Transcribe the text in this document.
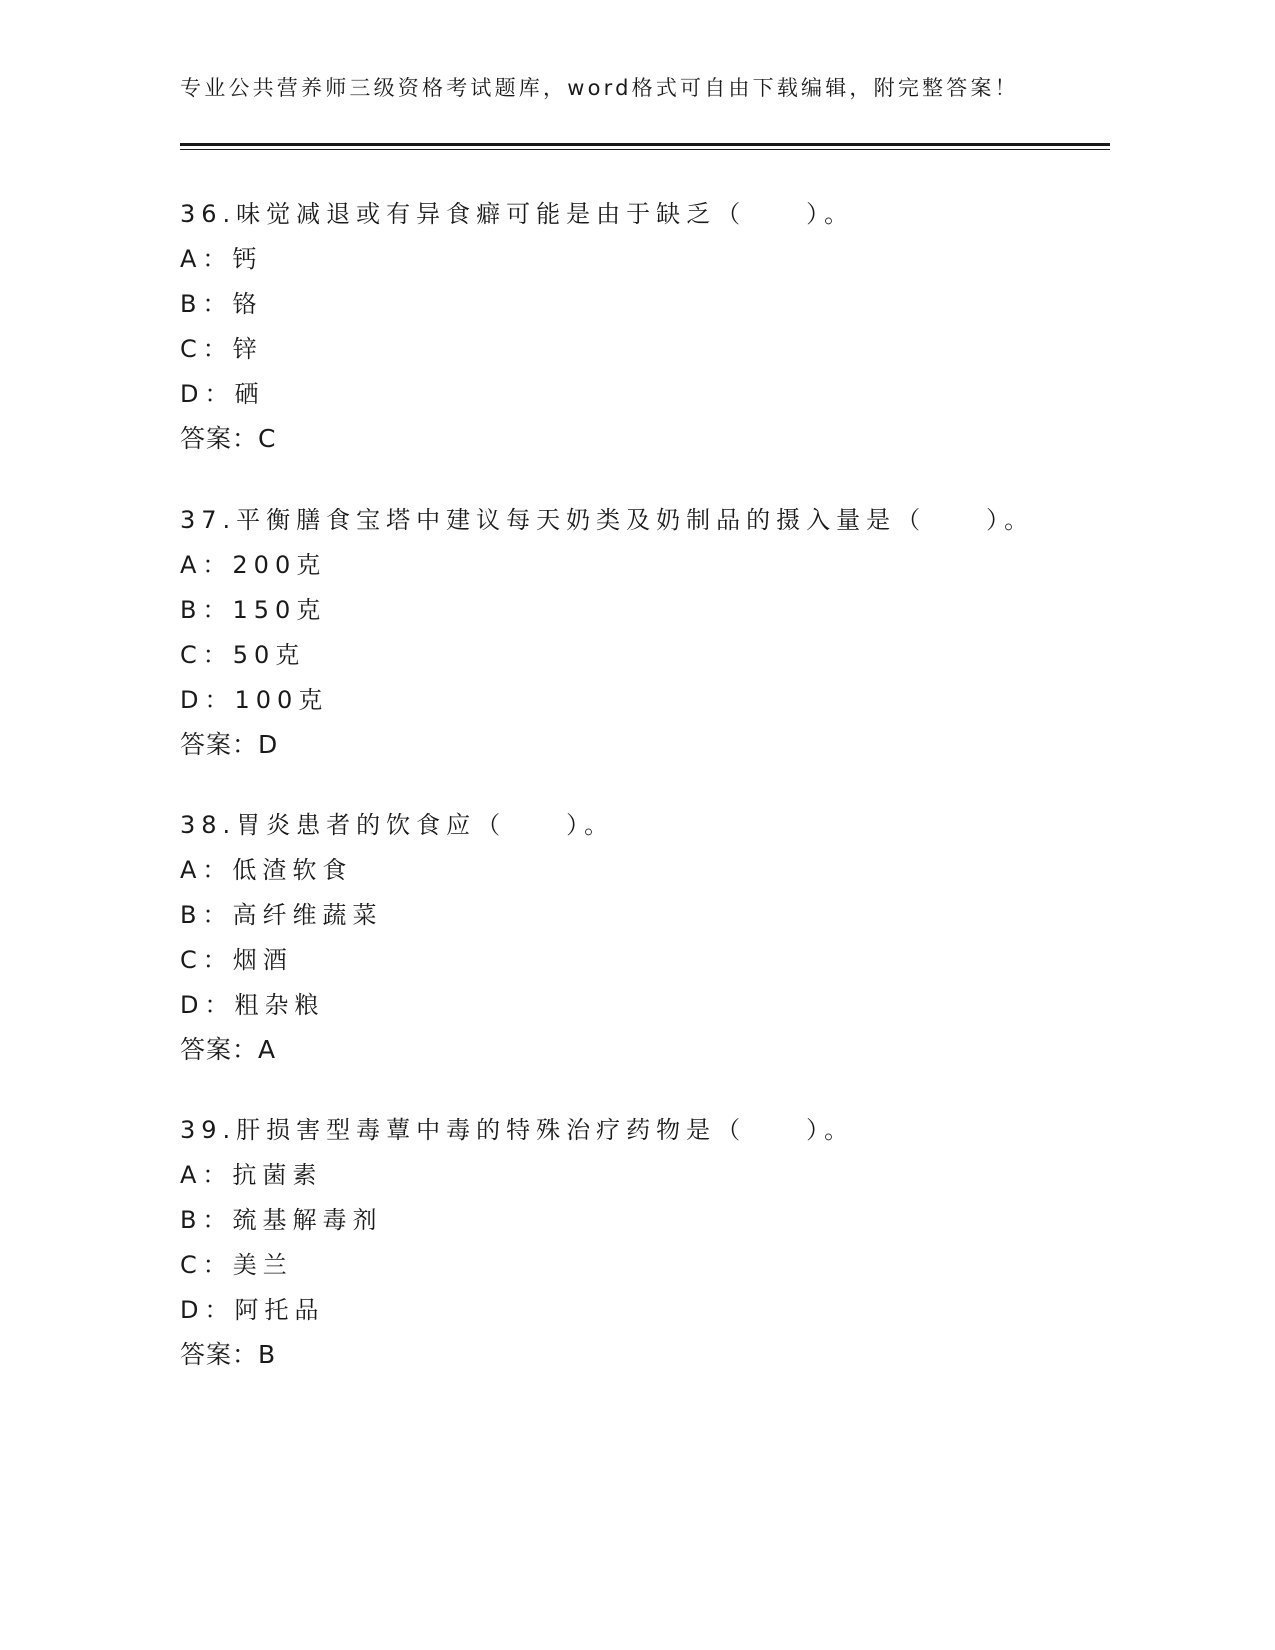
专业公共营养师三级资格考试题库，word格式可自由下载编辑，附完整答案！
36.味觉减退或有异食癖可能是由于缺乏（　　）。
A：钙
B：铬
C：锌
D：硒
答案：C
37.平衡膳食宝塔中建议每天奶类及奶制品的摄入量是（　　）。
A：200克
B：150克
C：50克
D：100克
答案：D
38.胃炎患者的饮食应（　　）。
A：低渣软食
B：高纤维蔬菜
C：烟酒
D：粗杂粮
答案：A
39.肝损害型毒蕈中毒的特殊治疗药物是（　　）。
A：抗菌素
B：巯基解毒剂
C：美兰
D：阿托品
答案：B
